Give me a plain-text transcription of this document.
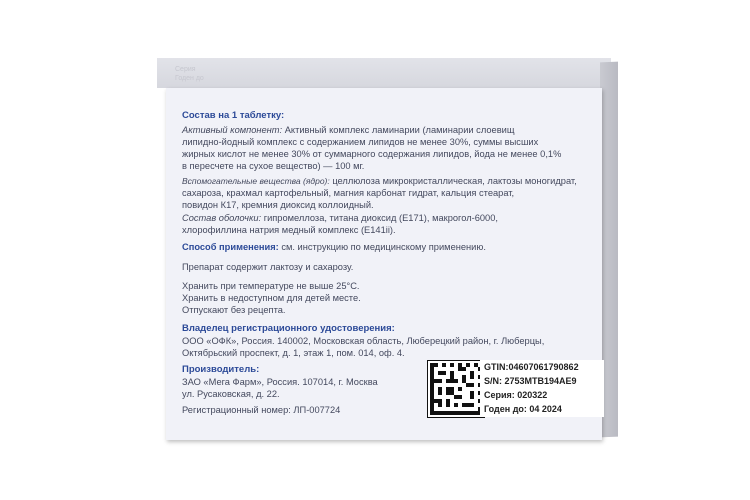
Серия
Годен до
Состав на 1 таблетку:
Активный компонент: Активный комплекс ламинарии (ламинарии слоевищ
липидно-йодный комплекс с содержанием липидов не менее 30%, суммы высших
жирных кислот не менее 30% от суммарного содержания липидов, йода не менее 0,1%
в пересчете на сухое вещество) — 100 мг.
Вспомогательные вещества (ядро): целлюлоза микрокристаллическая, лактозы моногидрат,
сахароза, крахмал картофельный, магния карбонат гидрат, кальция стеарат,
повидон К17, кремния диоксид коллоидный.
Состав оболочки: гипромеллоза, титана диоксид (Е171), макрогол-6000,
хлорофиллина натрия медный комплекс (Е141ii).
Способ применения: см. инструкцию по медицинскому применению.
Препарат содержит лактозу и сахарозу.
Хранить при температуре не выше 25°С.
Хранить в недоступном для детей месте.
Отпускают без рецепта.
Владелец регистрационного удостоверения:
ООО «ОФК», Россия. 140002, Московская область, Люберецкий район, г. Люберцы,
Октябрьский проспект, д. 1, этаж 1, пом. 014, оф. 4.
Производитель:
ЗАО «Мега Фарм», Россия. 107014, г. Москва
ул. Русаковская, д. 22.
Регистрационный номер: ЛП-007724
GTIN:04607061790862
S/N: 2753MTB194AE9
Серия: 020322
Годен до: 04 2024
